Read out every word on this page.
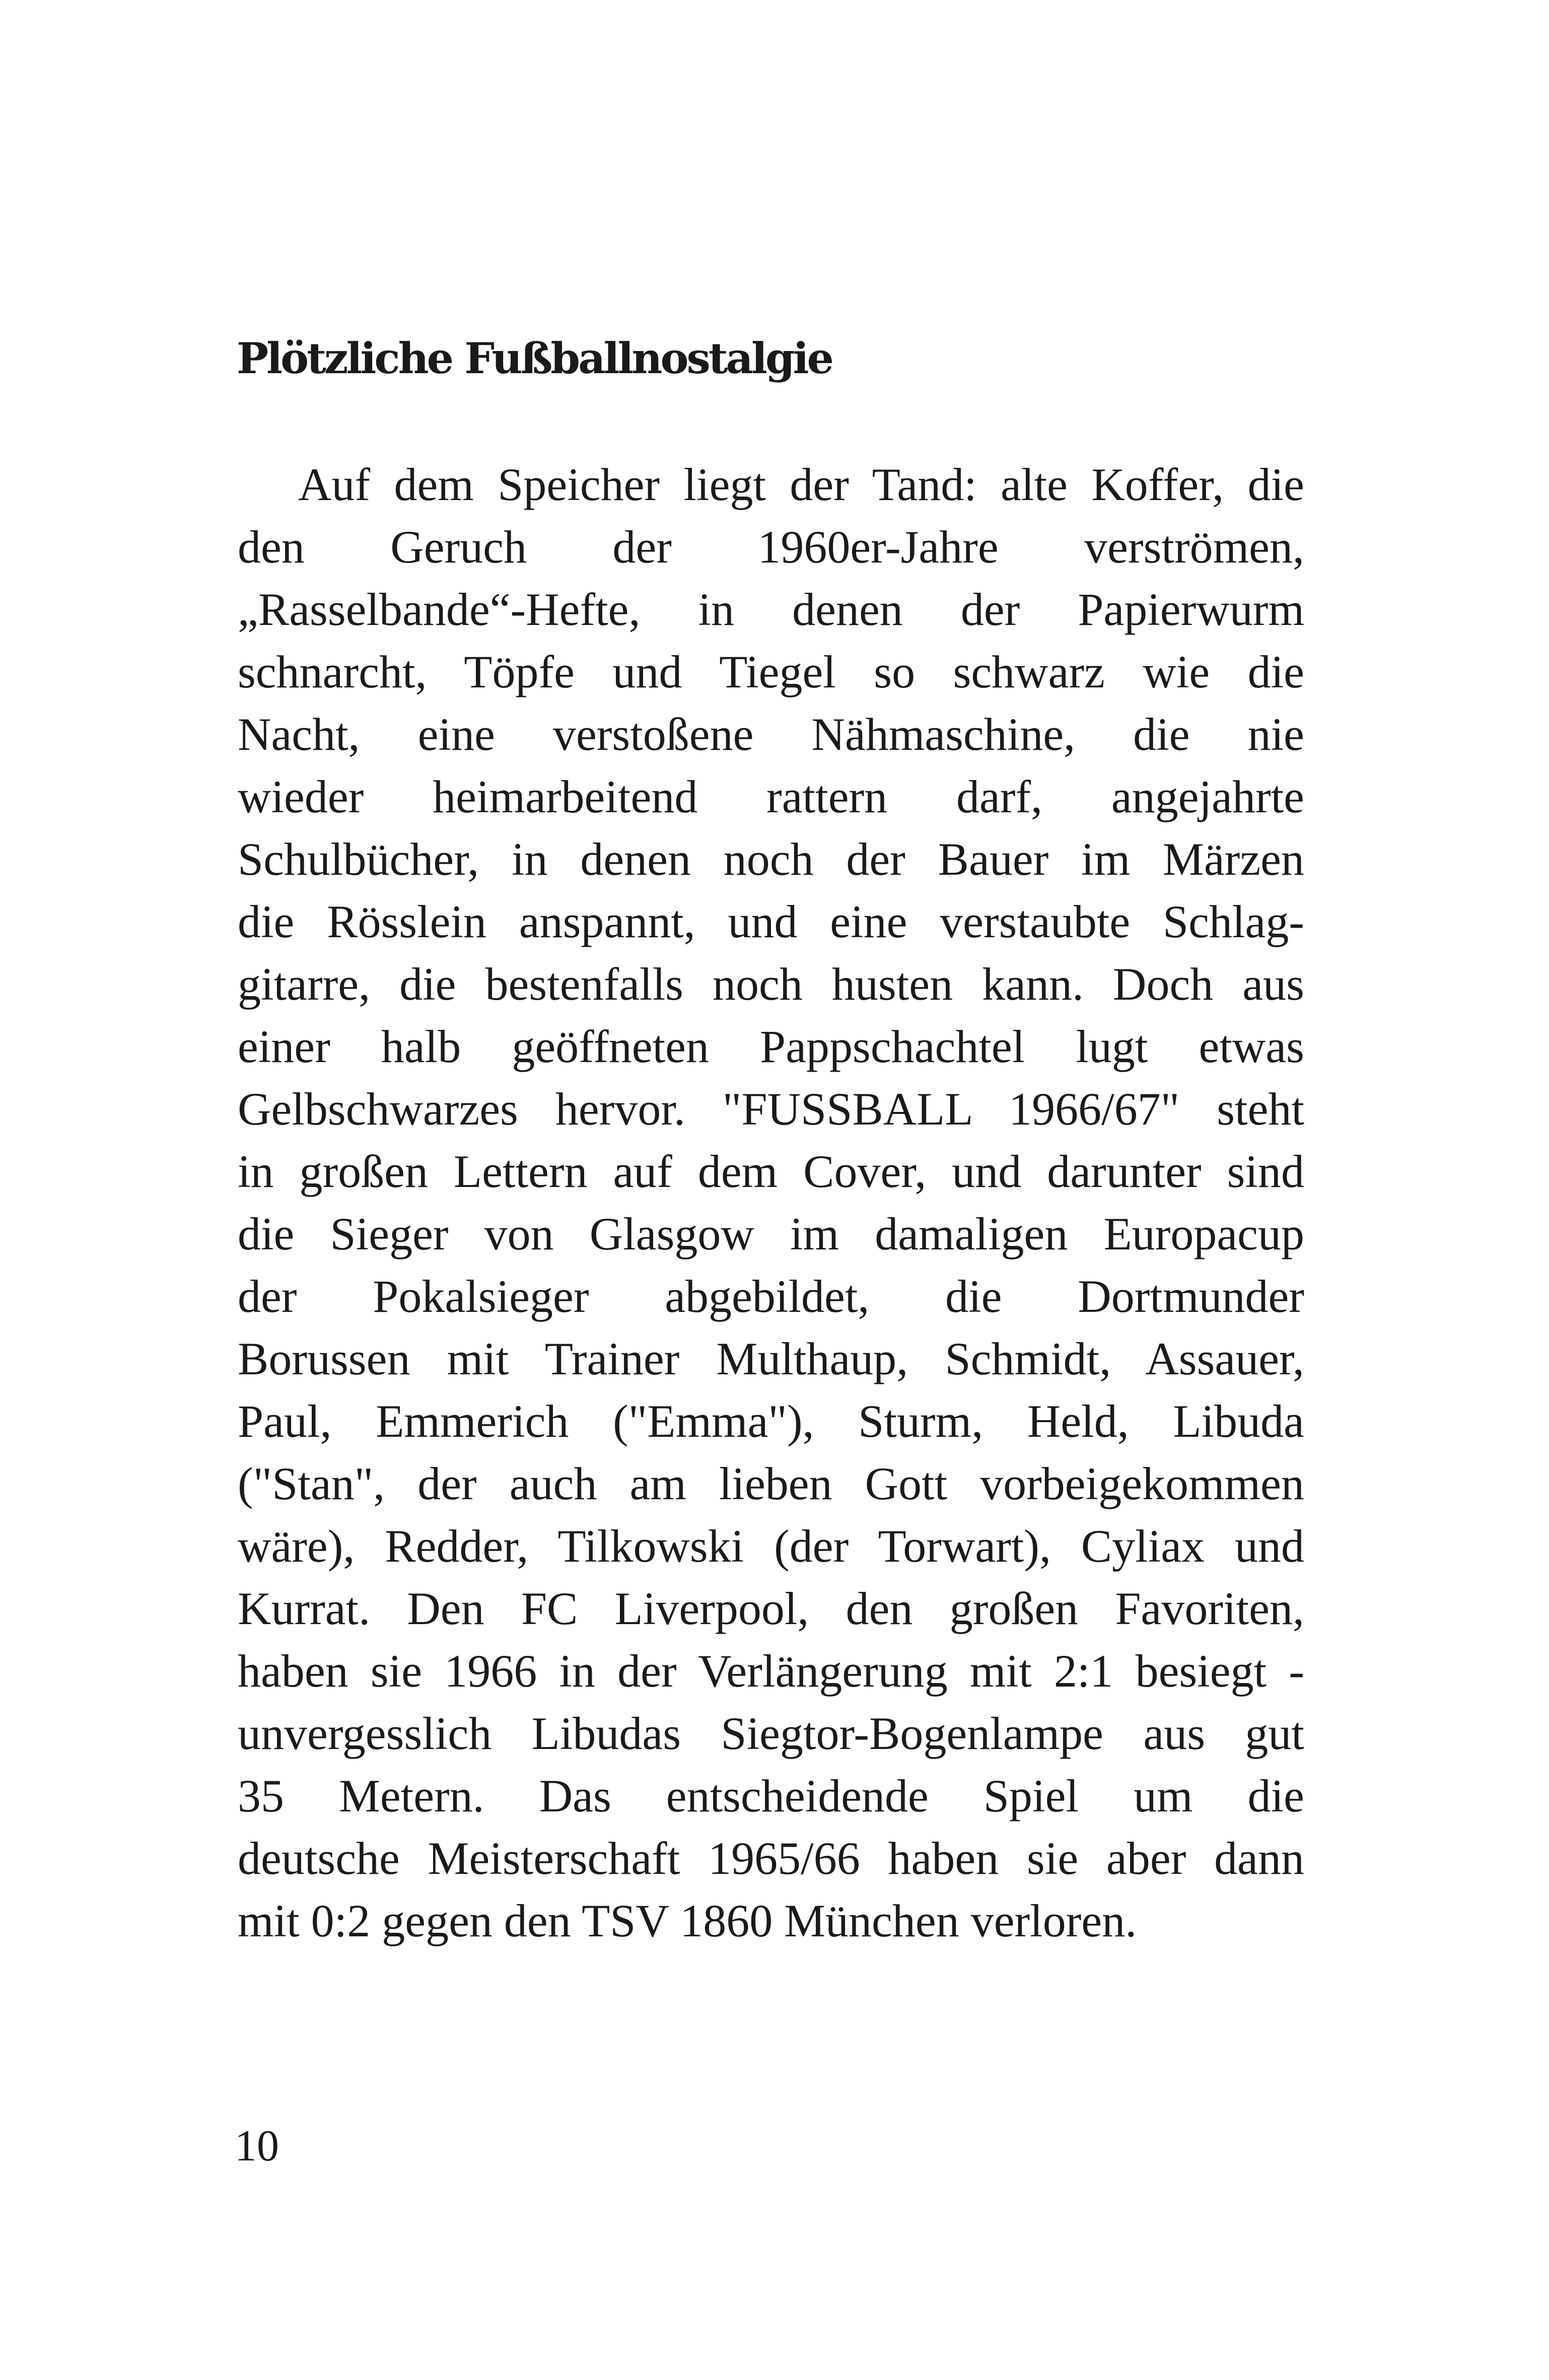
Plötzliche Fußballnostalgie
Auf dem Speicher liegt der Tand: alte Koffer, die
den Geruch der 1960er-Jahre verströmen,
„Rasselbande“-Hefte, in denen der Papierwurm
schnarcht, Töpfe und Tiegel so schwarz wie die
Nacht, eine verstoßene Nähmaschine, die nie
wieder heimarbeitend rattern darf, angejahrte
Schulbücher, in denen noch der Bauer im Märzen
die Rösslein anspannt, und eine verstaubte Schlag-
gitarre, die bestenfalls noch husten kann. Doch aus
einer halb geöffneten Pappschachtel lugt etwas
Gelbschwarzes hervor. "FUSSBALL 1966/67" steht
in großen Lettern auf dem Cover, und darunter sind
die Sieger von Glasgow im damaligen Europacup
der Pokalsieger abgebildet, die Dortmunder
Borussen mit Trainer Multhaup, Schmidt, Assauer,
Paul, Emmerich ("Emma"), Sturm, Held, Libuda
("Stan", der auch am lieben Gott vorbeigekommen
wäre), Redder, Tilkowski (der Torwart), Cyliax und
Kurrat. Den FC Liverpool, den großen Favoriten,
haben sie 1966 in der Verlängerung mit 2:1 besiegt -
unvergesslich Libudas Siegtor-Bogenlampe aus gut
35 Metern. Das entscheidende Spiel um die
deutsche Meisterschaft 1965/66 haben sie aber dann
mit 0:2 gegen den TSV 1860 München verloren.
10
